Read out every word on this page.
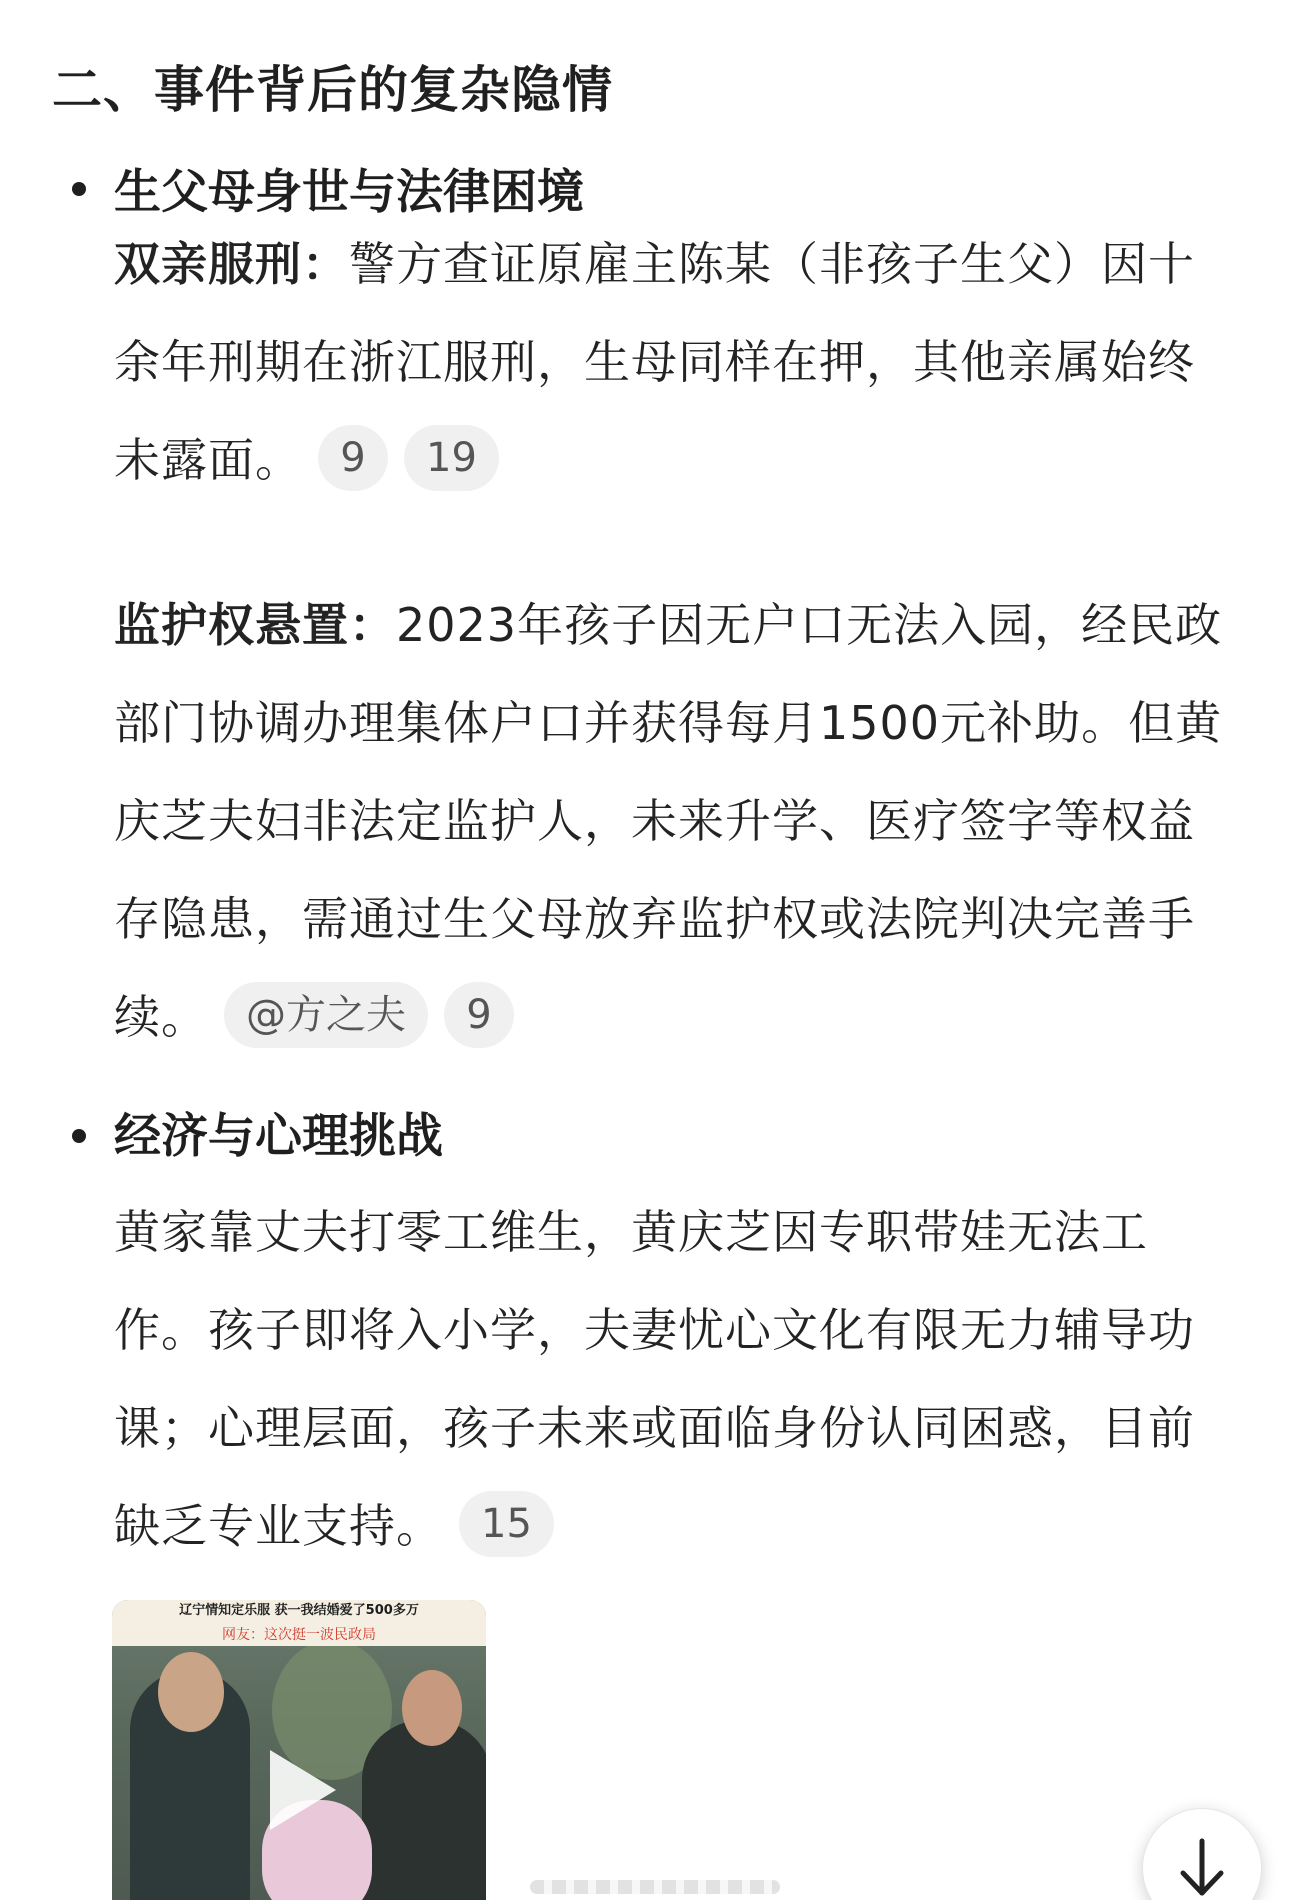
二、事件背后的复杂隐情
生父母身世与法律困境
双亲服刑：警方查证原雇主陈某（非孩子生父）因十余年刑期在浙江服刑，生母同样在押，其他亲属始终未露面。 9 19
监护权悬置：2023年孩子因无户口无法入园，经民政部门协调办理集体户口并获得每月1500元补助。但黄庆芝夫妇非法定监护人，未来升学、医疗签字等权益存隐患，需通过生父母放弃监护权或法院判决完善手续。 @方之夫 9
经济与心理挑战
黄家靠丈夫打零工维生，黄庆芝因专职带娃无法工作。孩子即将入小学，夫妻忧心文化有限无力辅导功课；心理层面，孩子未来或面临身份认同困惑，目前缺乏专业支持。 15
辽宁情知定乐服 获一我结婚爱了500多万
网友：这次挺一波民政局
